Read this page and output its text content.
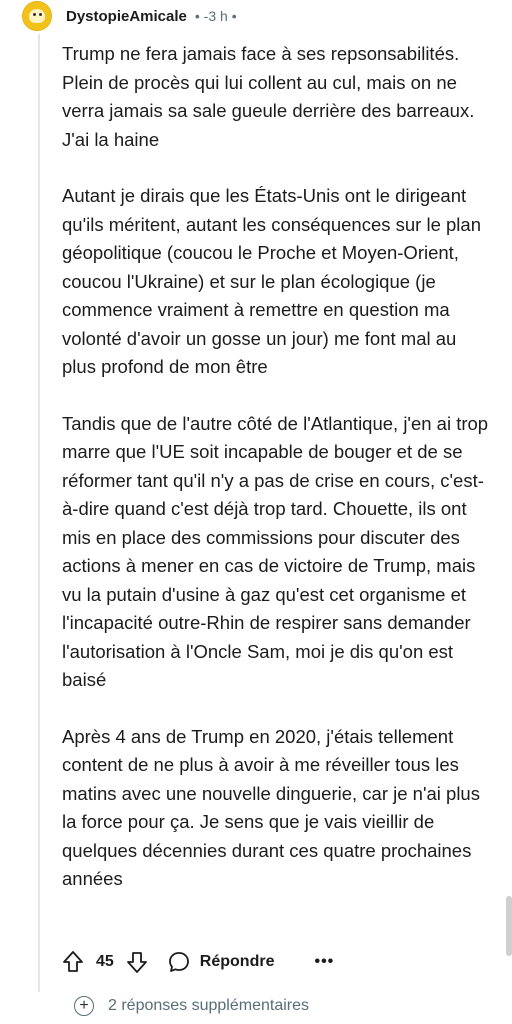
DystopieAmicale • -3 h •

Trump ne fera jamais face à ses repsonsabilités. Plein de procès qui lui collent au cul, mais on ne verra jamais sa sale gueule derrière des barreaux. J'ai la haine

Autant je dirais que les États-Unis ont le dirigeant qu'ils méritent, autant les conséquences sur le plan géopolitique (coucou le Proche et Moyen-Orient, coucou l'Ukraine) et sur le plan écologique (je commence vraiment à remettre en question ma volonté d'avoir un gosse un jour) me font mal au plus profond de mon être

Tandis que de l'autre côté de l'Atlantique, j'en ai trop marre que l'UE soit incapable de bouger et de se réformer tant qu'il n'y a pas de crise en cours, c'est-à-dire quand c'est déjà trop tard. Chouette, ils ont mis en place des commissions pour discuter des actions à mener en cas de victoire de Trump, mais vu la putain d'usine à gaz qu'est cet organisme et l'incapacité outre-Rhin de respirer sans demander l'autorisation à l'Oncle Sam, moi je dis qu'on est baisé

Après 4 ans de Trump en 2020, j'étais tellement content de ne plus à avoir à me réveiller tous les matins avec une nouvelle dinguerie, car je n'ai plus la force pour ça. Je sens que je vais vieillir de quelques décennies durant ces quatre prochaines années

45	Répondre	•••
+	2 réponses supplémentaires
